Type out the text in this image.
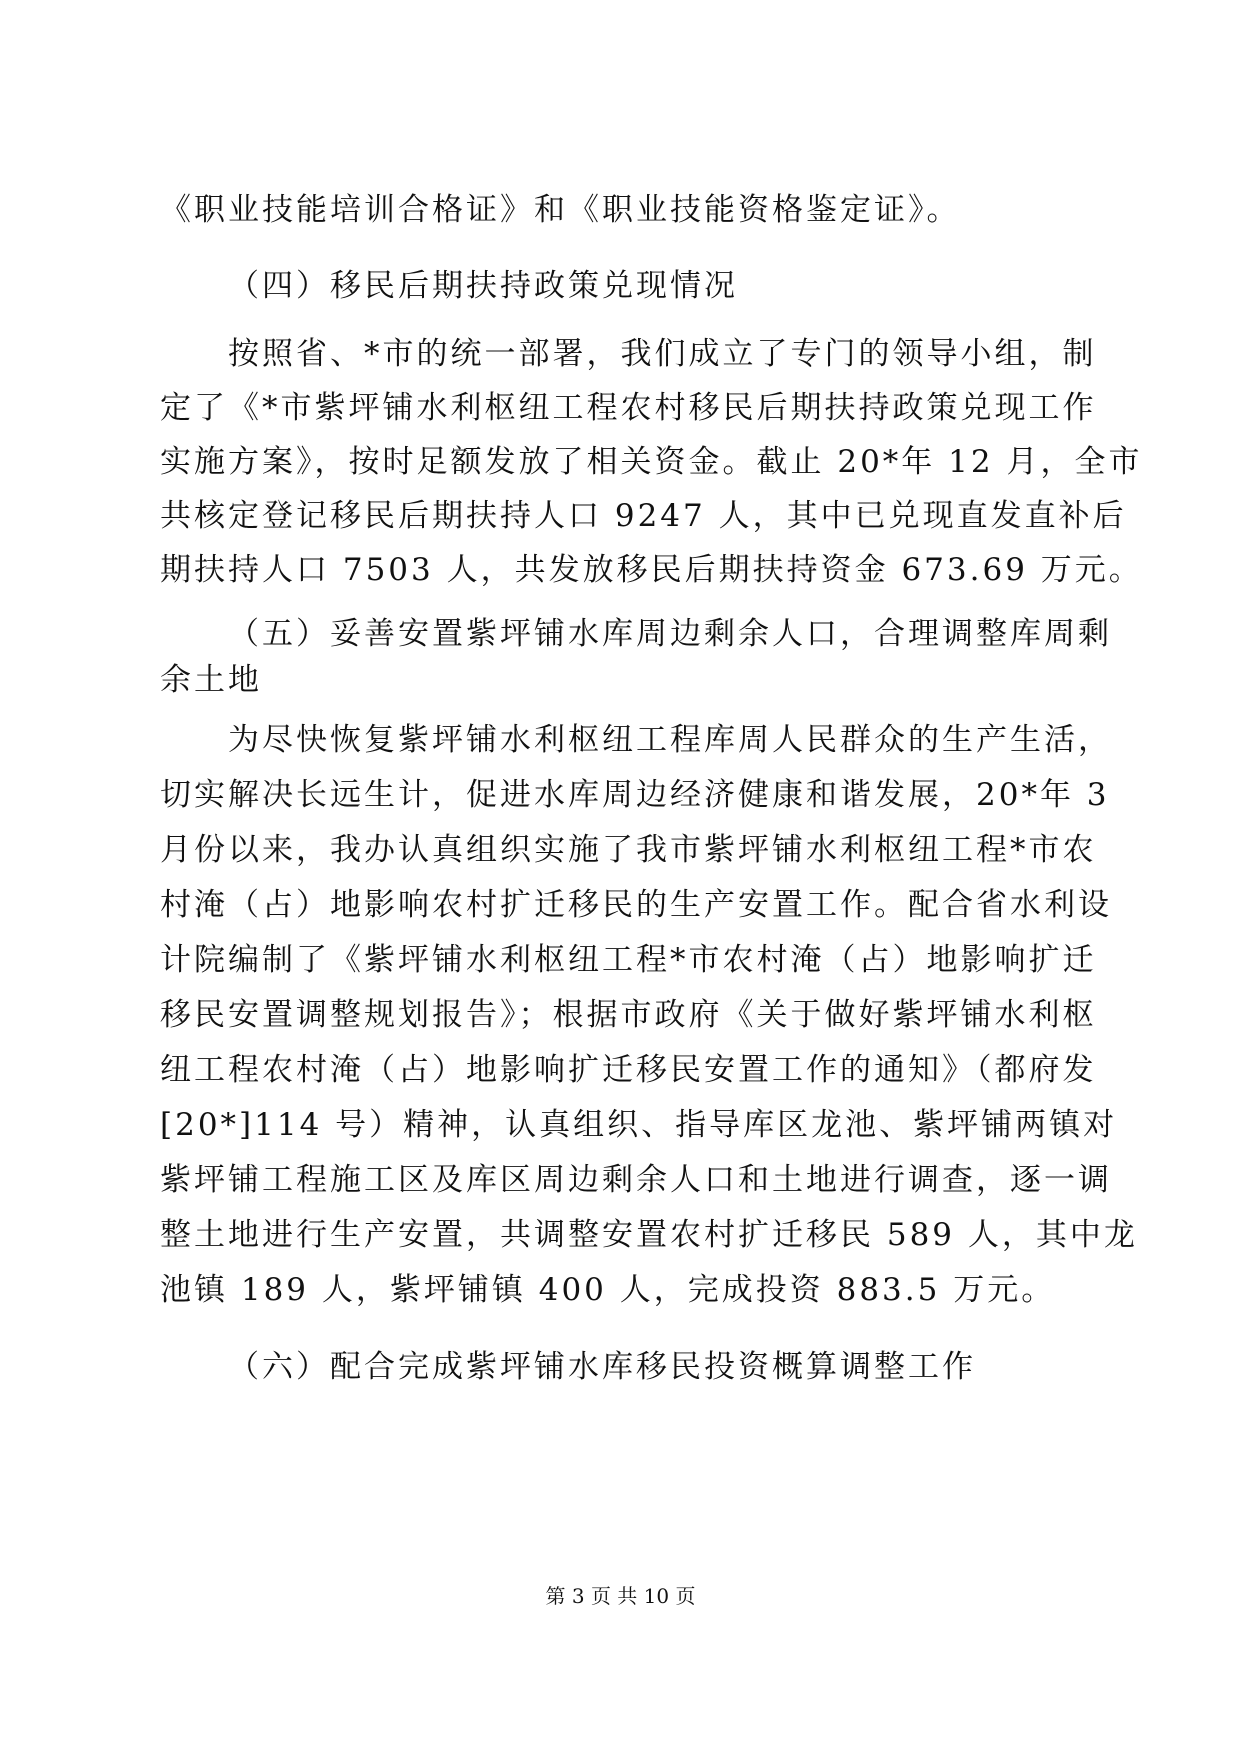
《职业技能培训合格证》和《职业技能资格鉴定证》。
（四）移民后期扶持政策兑现情况
按照省、*市的统一部署，我们成立了专门的领导小组，制
定了《*市紫坪铺水利枢纽工程农村移民后期扶持政策兑现工作
实施方案》，按时足额发放了相关资金。截止 20*年 12 月，全市
共核定登记移民后期扶持人口 9247 人，其中已兑现直发直补后
期扶持人口 7503 人，共发放移民后期扶持资金 673.69 万元。
（五）妥善安置紫坪铺水库周边剩余人口，合理调整库周剩
余土地
为尽快恢复紫坪铺水利枢纽工程库周人民群众的生产生活，
切实解决长远生计，促进水库周边经济健康和谐发展，20*年 3
月份以来，我办认真组织实施了我市紫坪铺水利枢纽工程*市农
村淹（占）地影响农村扩迁移民的生产安置工作。配合省水利设
计院编制了《紫坪铺水利枢纽工程*市农村淹（占）地影响扩迁
移民安置调整规划报告》；根据市政府《关于做好紫坪铺水利枢
纽工程农村淹（占）地影响扩迁移民安置工作的通知》（都府发
[20*]114 号）精神，认真组织、指导库区龙池、紫坪铺两镇对
紫坪铺工程施工区及库区周边剩余人口和土地进行调查，逐一调
整土地进行生产安置，共调整安置农村扩迁移民 589 人，其中龙
池镇 189 人，紫坪铺镇 400 人，完成投资 883.5 万元。
（六）配合完成紫坪铺水库移民投资概算调整工作
第 3 页 共 10 页
